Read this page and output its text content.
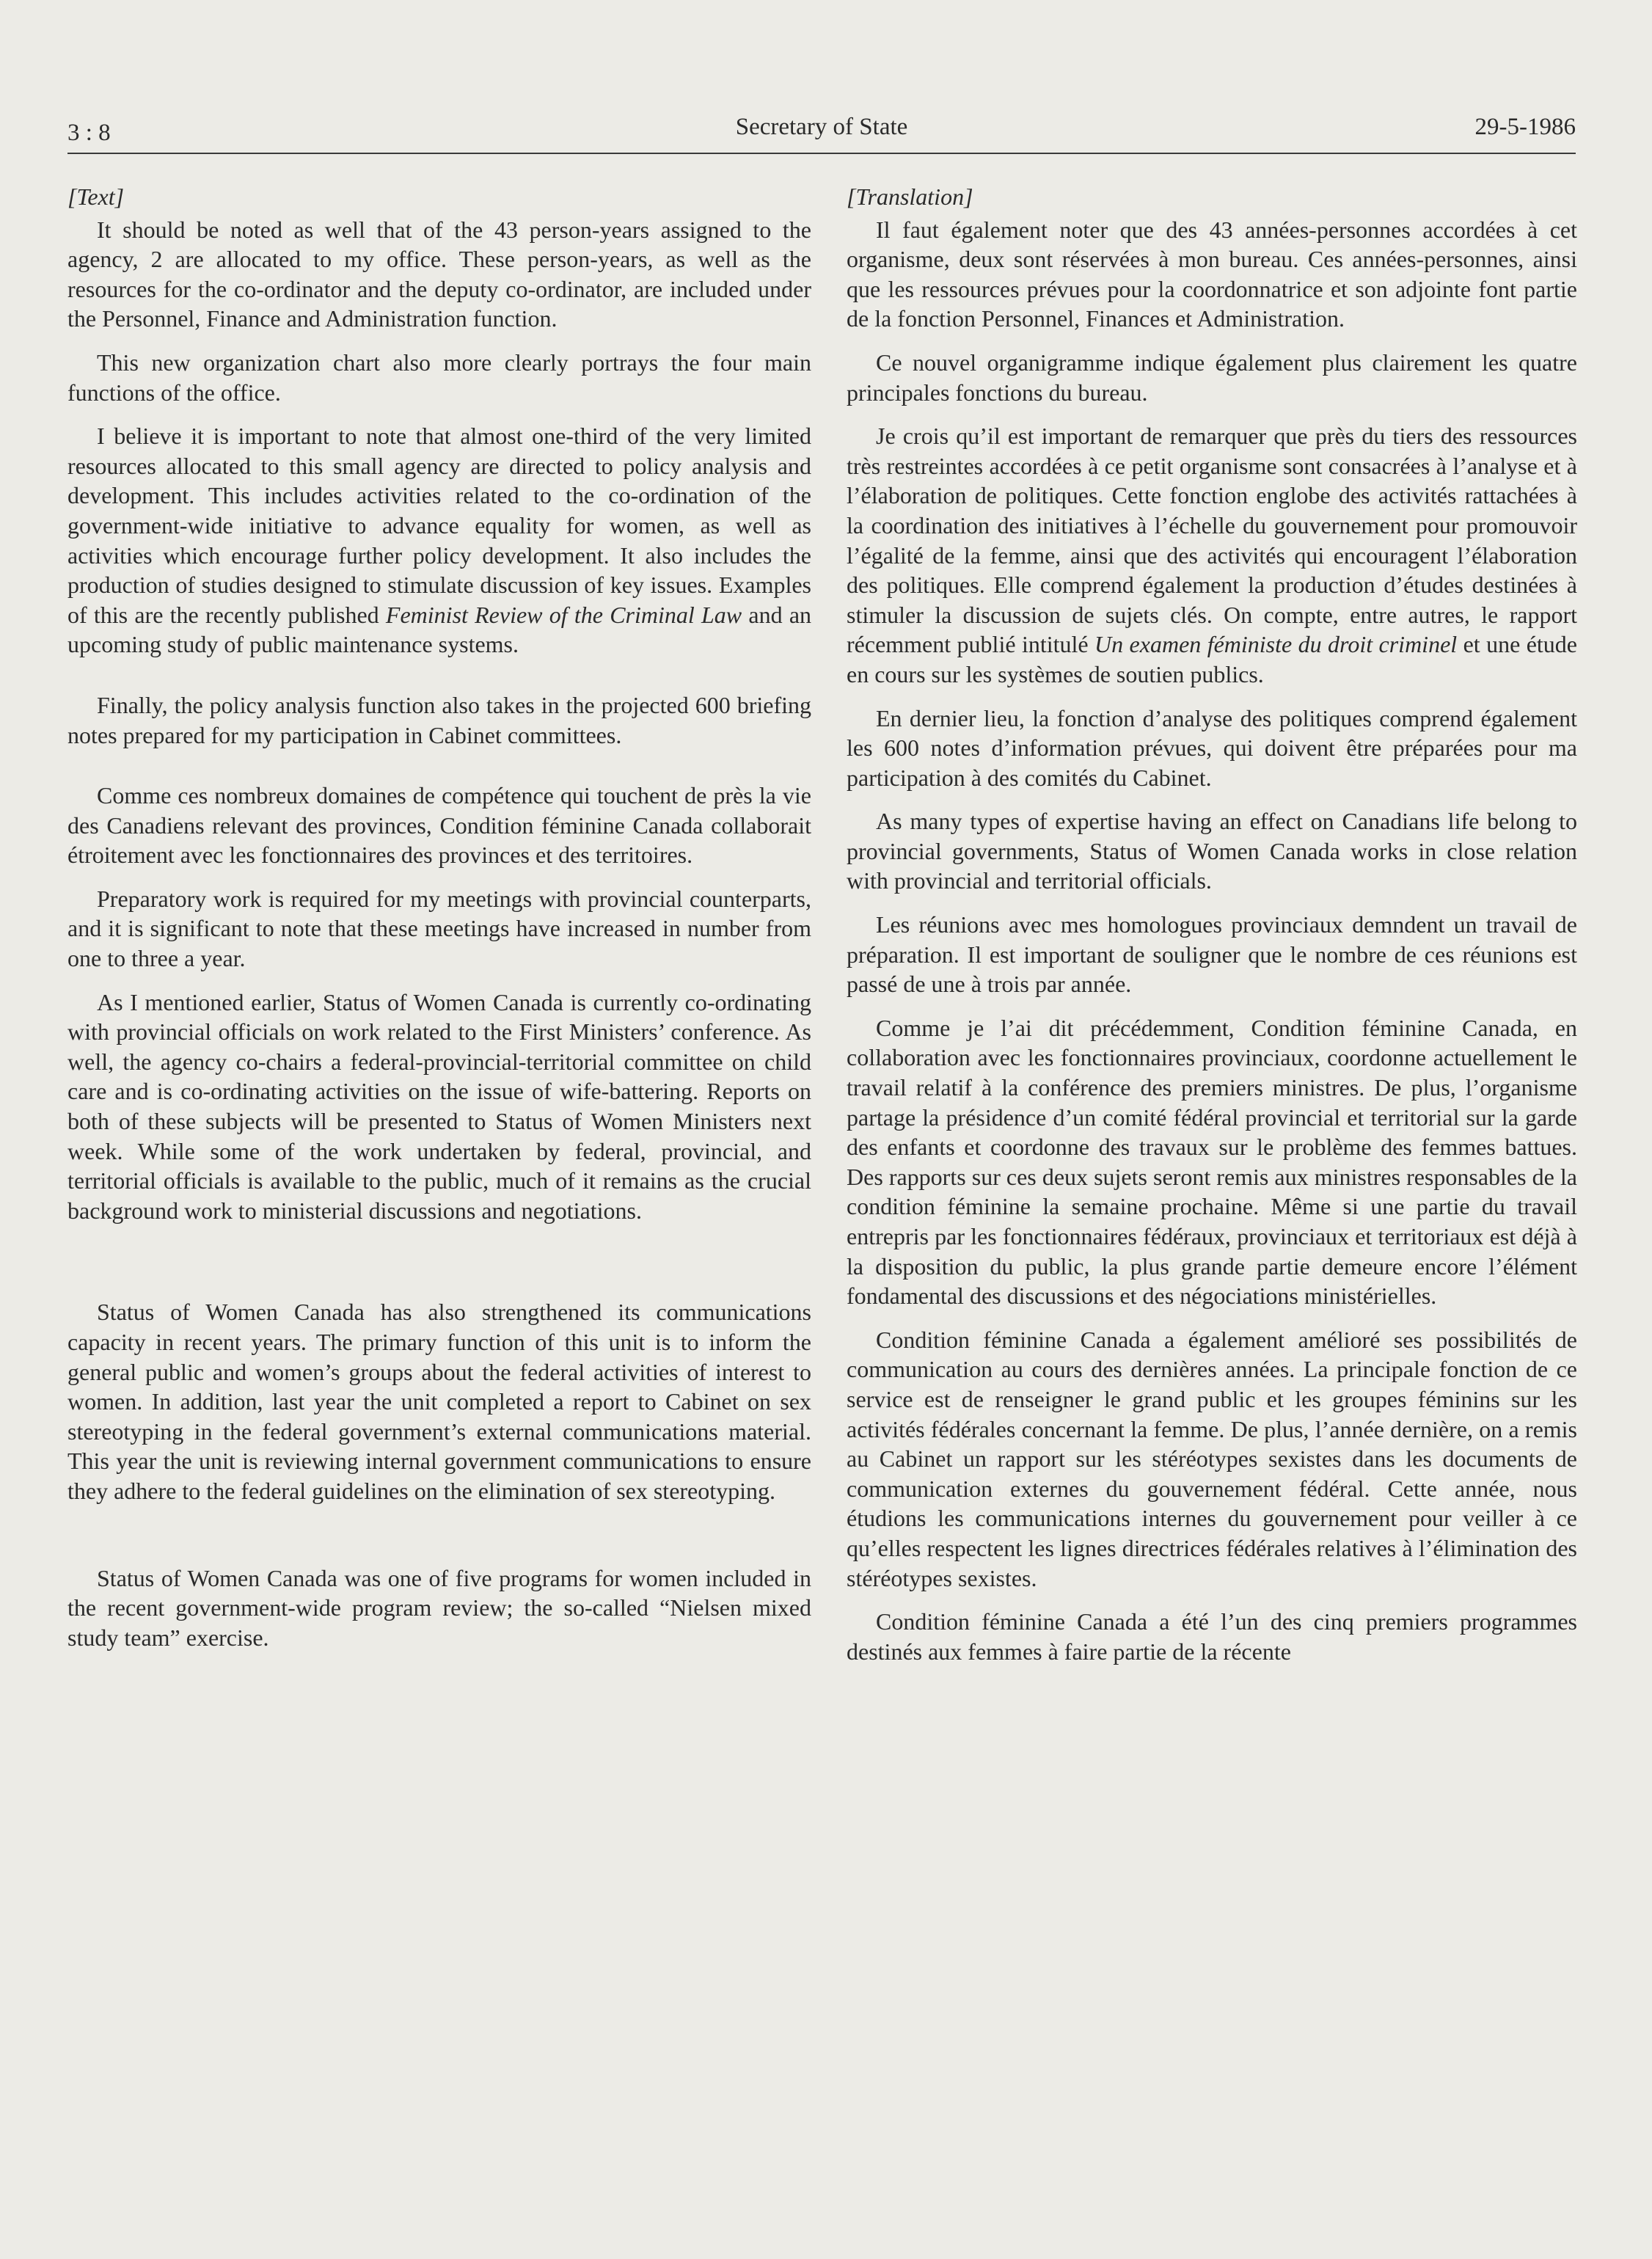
3 : 8	Secretary of State	29-5-1986

[Text]

It should be noted as well that of the 43 person-years assigned to the agency, 2 are allocated to my office. These person-years, as well as the resources for the co-ordinator and the deputy co-ordinator, are included under the Personnel, Finance and Administration function.

This new organization chart also more clearly portrays the four main functions of the office.

I believe it is important to note that almost one-third of the very limited resources allocated to this small agency are directed to policy analysis and development. This includes activities related to the co-ordination of the government-wide initiative to advance equality for women, as well as activities which encourage further policy development. It also includes the production of studies designed to stimulate discussion of key issues. Examples of this are the recently published Feminist Review of the Criminal Law and an upcoming study of public maintenance systems.

Finally, the policy analysis function also takes in the projected 600 briefing notes prepared for my participation in Cabinet committees.

Comme ces nombreux domaines de compétence qui touchent de près la vie des Canadiens relevant des provinces, Condition féminine Canada collaborait étroitement avec les fonctionnaires des provinces et des territoires.

Preparatory work is required for my meetings with provincial counterparts, and it is significant to note that these meetings have increased in number from one to three a year.

As I mentioned earlier, Status of Women Canada is currently co-ordinating with provincial officials on work related to the First Ministers’ conference. As well, the agency co-chairs a federal-provincial-territorial committee on child care and is co-ordinating activities on the issue of wife-battering. Reports on both of these subjects will be presented to Status of Women Ministers next week. While some of the work undertaken by federal, provincial, and territorial officials is available to the public, much of it remains as the crucial background work to ministerial discussions and negotiations.

Status of Women Canada has also strengthened its communications capacity in recent years. The primary function of this unit is to inform the general public and women’s groups about the federal activities of interest to women. In addition, last year the unit completed a report to Cabinet on sex stereotyping in the federal government’s external communications material. This year the unit is reviewing internal government communications to ensure they adhere to the federal guidelines on the elimination of sex stereotyping.

Status of Women Canada was one of five programs for women included in the recent government-wide program review; the so-called “Nielsen mixed study team” exercise.

[Translation]

Il faut également noter que des 43 années-personnes accordées à cet organisme, deux sont réservées à mon bureau. Ces années-personnes, ainsi que les ressources prévues pour la coordonnatrice et son adjointe font partie de la fonction Personnel, Finances et Administration.

Ce nouvel organigramme indique également plus clairement les quatre principales fonctions du bureau.

Je crois qu’il est important de remarquer que près du tiers des ressources très restreintes accordées à ce petit organisme sont consacrées à l’analyse et à l’élaboration de politiques. Cette fonction englobe des activités rattachées à la coordination des initiatives à l’échelle du gouvernement pour promouvoir l’égalité de la femme, ainsi que des activités qui encouragent l’élaboration des politiques. Elle comprend également la production d’études destinées à stimuler la discussion de sujets clés. On compte, entre autres, le rapport récemment publié intitulé Un examen féministe du droit criminel et une étude en cours sur les systèmes de soutien publics.

En dernier lieu, la fonction d’analyse des politiques comprend également les 600 notes d’information prévues, qui doivent être préparées pour ma participation à des comités du Cabinet.

As many types of expertise having an effect on Canadians life belong to provincial governments, Status of Women Canada works in close relation with provincial and territorial officials.

Les réunions avec mes homologues provinciaux demndent un travail de préparation. Il est important de souligner que le nombre de ces réunions est passé de une à trois par année.

Comme je l’ai dit précédemment, Condition féminine Canada, en collaboration avec les fonctionnaires provinciaux, coordonne actuellement le travail relatif à la conférence des premiers ministres. De plus, l’organisme partage la présidence d’un comité fédéral provincial et territorial sur la garde des enfants et coordonne des travaux sur le problème des femmes battues. Des rapports sur ces deux sujets seront remis aux ministres responsables de la condition féminine la semaine prochaine. Même si une partie du travail entrepris par les fonctionnaires fédéraux, provinciaux et territoriaux est déjà à la disposition du public, la plus grande partie demeure encore l’élément fondamental des discussions et des négociations ministérielles.

Condition féminine Canada a également amélioré ses possibilités de communication au cours des dernières années. La principale fonction de ce service est de renseigner le grand public et les groupes féminins sur les activités fédérales concernant la femme. De plus, l’année dernière, on a remis au Cabinet un rapport sur les stéréotypes sexistes dans les documents de communication externes du gouvernement fédéral. Cette année, nous étudions les communications internes du gouvernement pour veiller à ce qu’elles respectent les lignes directrices fédérales relatives à l’élimination des stéréotypes sexistes.

Condition féminine Canada a été l’un des cinq premiers programmes destinés aux femmes à faire partie de la récente
